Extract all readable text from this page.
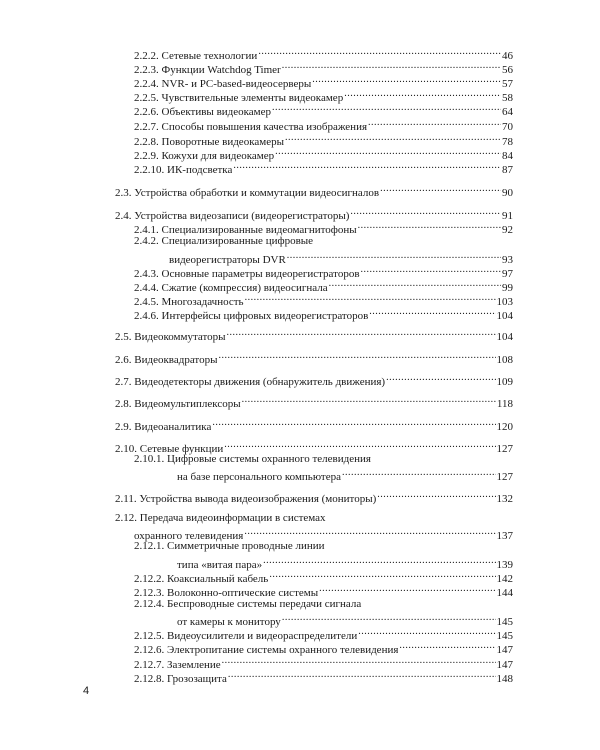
2.2.2. Сетевые технологии .....	46
2.2.3. Функции Watchdog Timer .....	56
2.2.4. NVR- и PC-based-видеосерверы .....	57
2.2.5. Чувствительные элементы видеокамер .....	58
2.2.6. Объективы видеокамер .....	64
2.2.7. Способы повышения качества изображения .....	70
2.2.8. Поворотные видеокамеры .....	78
2.2.9. Кожухи для видеокамер .....	84
2.2.10. ИК-подсветка .....	87
2.3. Устройства обработки и коммутации видеосигналов .....	90
2.4. Устройства видеозаписи (видеорегистраторы) .....	91
2.4.1. Специализированные видеомагнитофоны .....	92
2.4.2. Специализированные цифровые
видеорегистраторы DVR .....	93
2.4.3. Основные параметры видеорегистраторов .....	97
2.4.4. Сжатие (компрессия) видеосигнала .....	99
2.4.5. Многозадачность .....	103
2.4.6. Интерфейсы цифровых видеорегистраторов .....	104
2.5. Видеокоммутаторы .....	104
2.6. Видеоквадраторы .....	108
2.7. Видеодетекторы движения (обнаружитель движения) .....	109
2.8. Видеомультиплексоры .....	118
2.9. Видеоаналитика .....	120
2.10. Сетевые функции .....	127
2.10.1. Цифровые системы охранного телевидения
на базе персонального компьютера .....	127
2.11. Устройства вывода видеоизображения (мониторы) .....	132
2.12. Передача видеоинформации в системах
охранного телевидения .....	137
2.12.1. Симметричные проводные линии
типа «витая пара» .....	139
2.12.2. Коаксиальный кабель .....	142
2.12.3. Волоконно-оптические системы .....	144
2.12.4. Беспроводные системы передачи сигнала
от камеры к монитору .....	145
2.12.5. Видеоусилители и видеораспределители .....	145
2.12.6. Электропитание системы охранного телевидения .....	147
2.12.7. Заземление .....	147
2.12.8. Грозозащита .....	148
4
